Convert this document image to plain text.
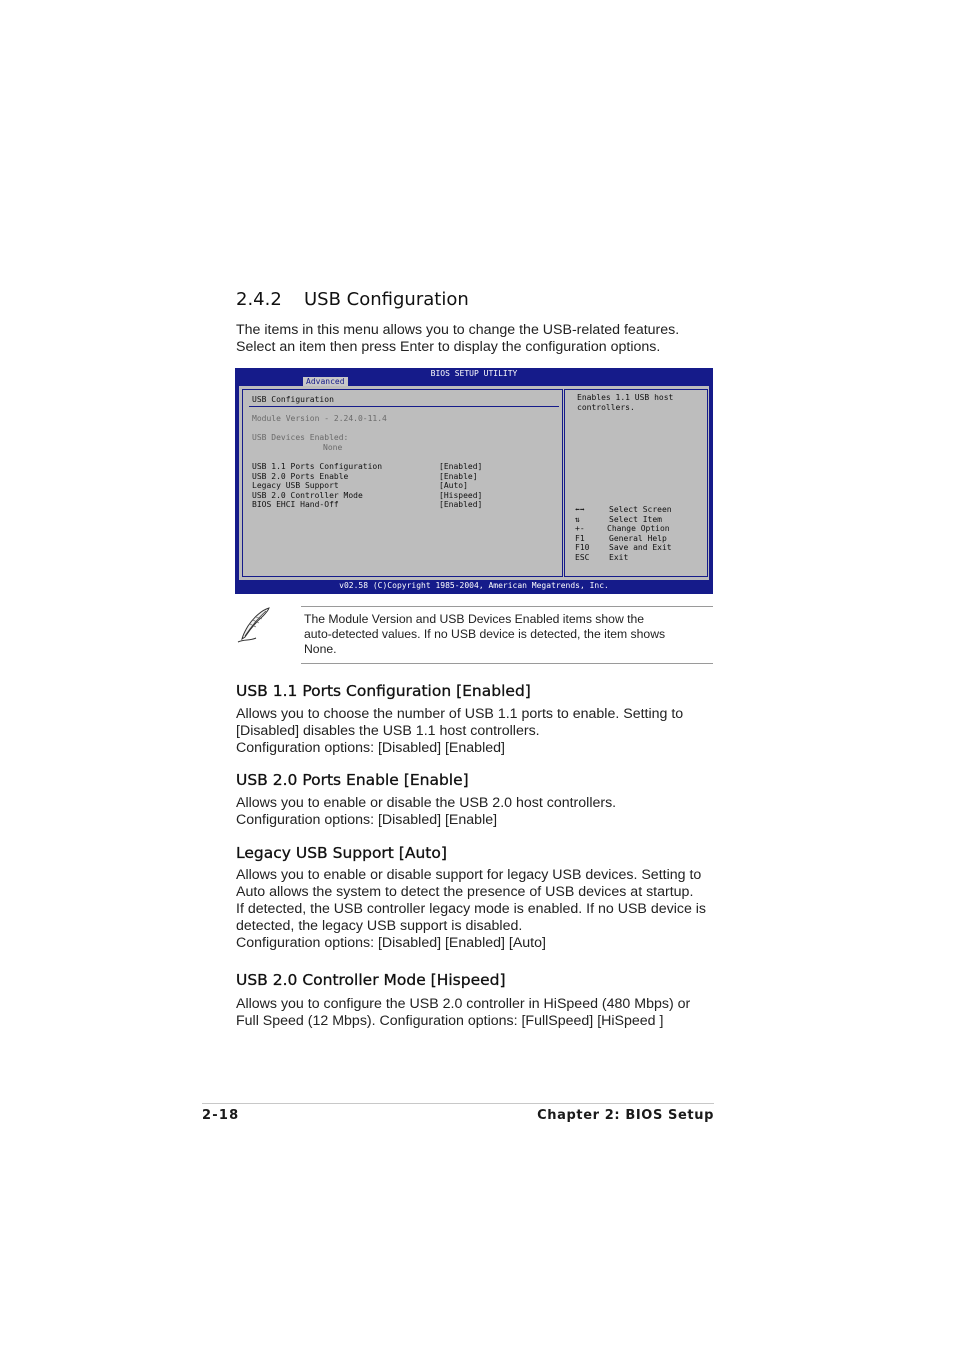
2.4.2 USB Configuration

The items in this menu allows you to change the USB-related features.
Select an item then press Enter to display the configuration options.

BIOS SETUP UTILITY
Advanced
USB Configuration
Module Version - 2.24.0-11.4
USB Devices Enabled:
None
USB 1.1 Ports Configuration	[Enabled]
USB 2.0 Ports Enable	[Enable]
Legacy USB Support	[Auto]
USB 2.0 Controller Mode	[Hispeed]
BIOS EHCI Hand-Off	[Enabled]
Enables 1.1 USB host
controllers.
⬅➡	Select Screen
⇅	Select Item
+-	Change Option
F1	General Help
F10 Save and Exit
ESC Exit
v02.58 (C)Copyright 1985-2004, American Megatrends, Inc.

The Module Version and USB Devices Enabled items show the
auto-detected values. If no USB device is detected, the item shows
None.

USB 1.1 Ports Configuration [Enabled]

Allows you to choose the number of USB 1.1 ports to enable. Setting to
[Disabled] disables the USB 1.1 host controllers.
Configuration options: [Disabled] [Enabled]

USB 2.0 Ports Enable [Enable]

Allows you to enable or disable the USB 2.0 host controllers.
Configuration options: [Disabled] [Enable]

Legacy USB Support [Auto]

Allows you to enable or disable support for legacy USB devices. Setting to
Auto allows the system to detect the presence of USB devices at startup.
If detected, the USB controller legacy mode is enabled. If no USB device is
detected, the legacy USB support is disabled.
Configuration options: [Disabled] [Enabled] [Auto]

USB 2.0 Controller Mode [Hispeed]

Allows you to configure the USB 2.0 controller in HiSpeed (480 Mbps) or
Full Speed (12 Mbps). Configuration options: [FullSpeed] [HiSpeed ]

2-18	Chapter 2: BIOS Setup
